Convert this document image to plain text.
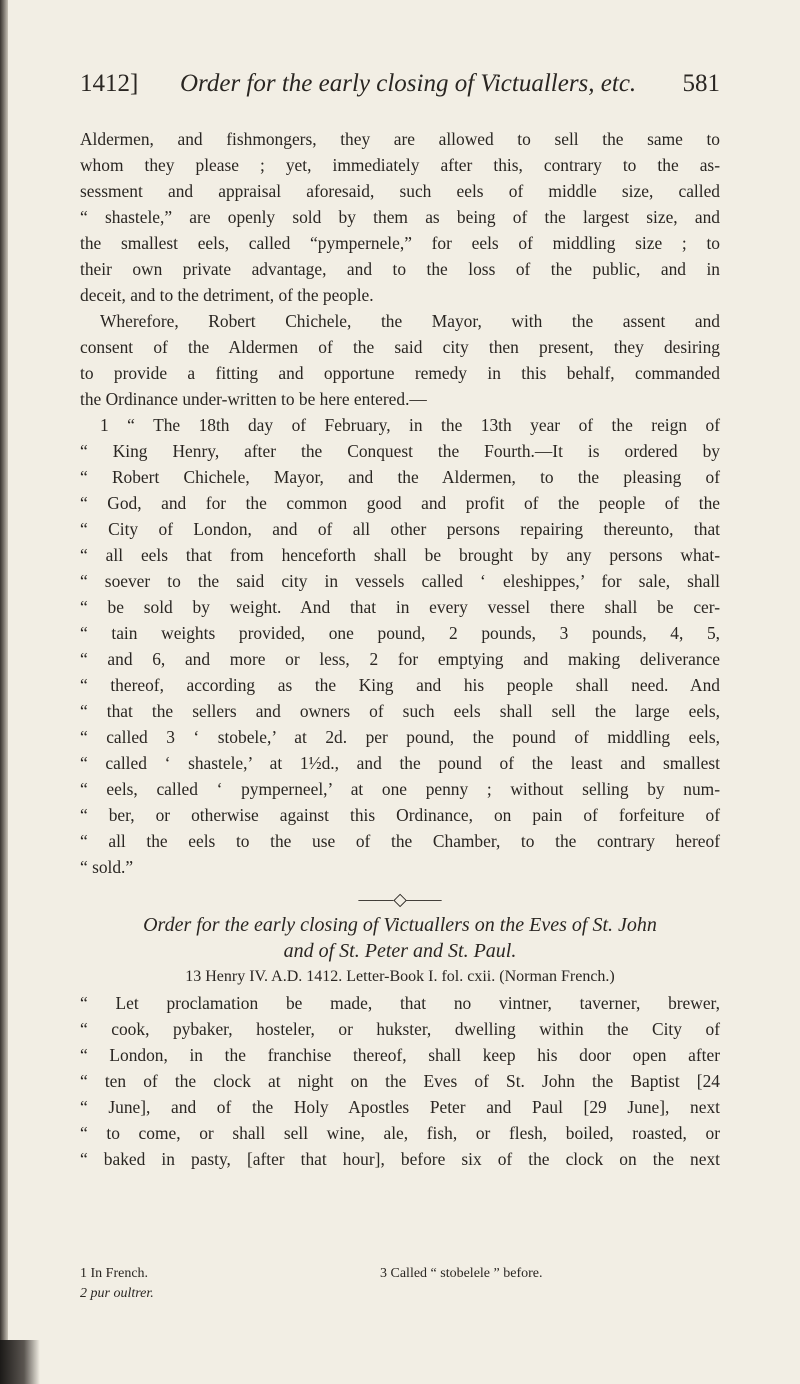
1412] Order for the early closing of Victuallers, etc. 581
Aldermen, and fishmongers, they are allowed to sell the same to
whom they please ; yet, immediately after this, contrary to the as-
sessment and appraisal aforesaid, such eels of middle size, called
“ shastele,” are openly sold by them as being of the largest size, and
the smallest eels, called “pympernele,” for eels of middling size ; to
their own private advantage, and to the loss of the public, and in
deceit, and to the detriment, of the people.
Wherefore, Robert Chichele, the Mayor, with the assent and
consent of the Aldermen of the said city then present, they desiring
to provide a fitting and opportune remedy in this behalf, commanded
the Ordinance under-written to be here entered.—
1 “ The 18th day of February, in the 13th year of the reign of
“ King Henry, after the Conquest the Fourth.—It is ordered by
“ Robert Chichele, Mayor, and the Aldermen, to the pleasing of
“ God, and for the common good and profit of the people of the
“ City of London, and of all other persons repairing thereunto, that
“ all eels that from henceforth shall be brought by any persons what-
“ soever to the said city in vessels called ‘ eleshippes,’ for sale, shall
“ be sold by weight. And that in every vessel there shall be cer-
“ tain weights provided, one pound, 2 pounds, 3 pounds, 4, 5,
“ and 6, and more or less, 2 for emptying and making deliverance
“ thereof, according as the King and his people shall need. And
“ that the sellers and owners of such eels shall sell the large eels,
“ called 3 ‘ stobele,’ at 2d. per pound, the pound of middling eels,
“ called ‘ shastele,’ at 1½d., and the pound of the least and smallest
“ eels, called ‘ pymperneel,’ at one penny ; without selling by num-
“ ber, or otherwise against this Ordinance, on pain of forfeiture of
“ all the eels to the use of the Chamber, to the contrary hereof
“ sold.”
——◇——
Order for the early closing of Victuallers on the Eves of St. John
and of St. Peter and St. Paul.
13 Henry IV. A.D. 1412. Letter-Book I. fol. cxii. (Norman French.)
“ Let proclamation be made, that no vintner, taverner, brewer,
“ cook, pybaker, hosteler, or hukster, dwelling within the City of
“ London, in the franchise thereof, shall keep his door open after
“ ten of the clock at night on the Eves of St. John the Baptist [24
“ June], and of the Holy Apostles Peter and Paul [29 June], next
“ to come, or shall sell wine, ale, fish, or flesh, boiled, roasted, or
“ baked in pasty, [after that hour], before six of the clock on the next
1 In French.
2 pur oultrer.
3 Called “ stobelele ” before.
